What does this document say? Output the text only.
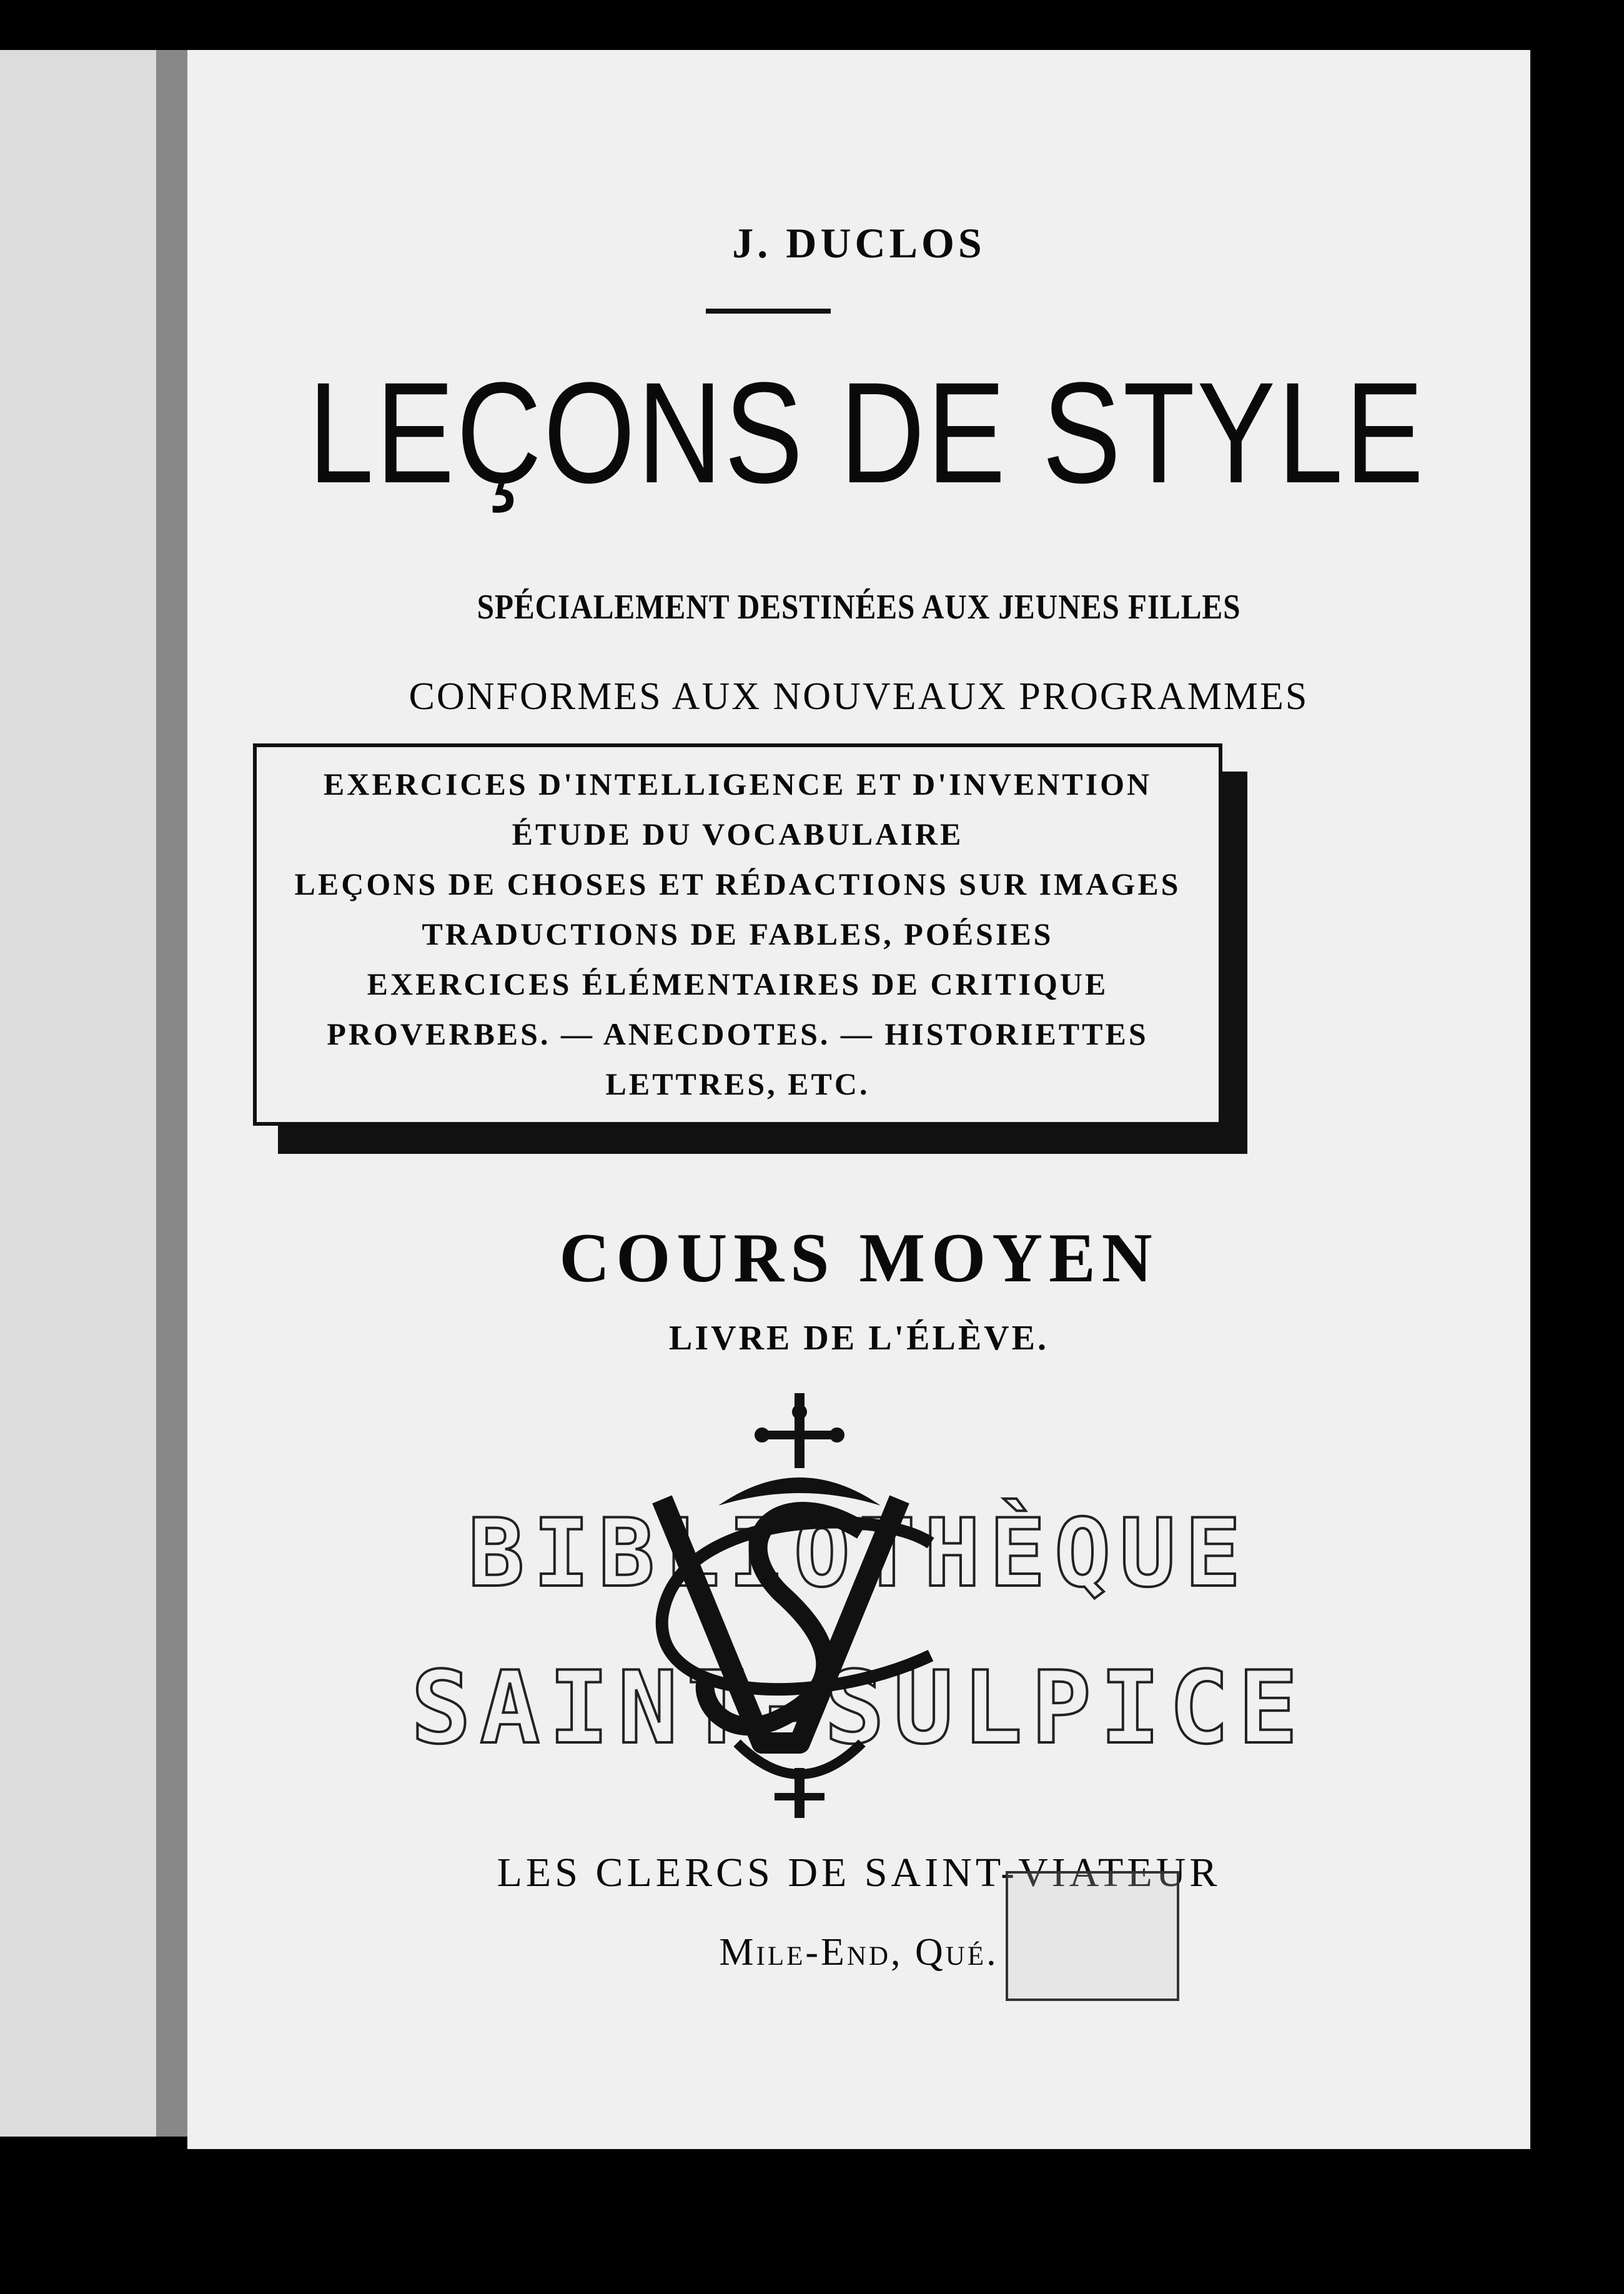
J. DUCLOS
LEÇONS DE STYLE
SPÉCIALEMENT DESTINÉES AUX JEUNES FILLES
CONFORMES AUX NOUVEAUX PROGRAMMES
EXERCICES D'INTELLIGENCE ET D'INVENTION
ÉTUDE DU VOCABULAIRE
LEÇONS DE CHOSES ET RÉDACTIONS SUR IMAGES
TRADUCTIONS DE FABLES, POÉSIES
EXERCICES ÉLÉMENTAIRES DE CRITIQUE
PROVERBES. — ANECDOTES. — HISTORIETTES
LETTRES, ETC.
COURS MOYEN
LIVRE DE L'ÉLÈVE.
BIBLIOTHÈQUE
SAINT-SULPICE
LES CLERCS DE SAINT-VIATEUR
Mile-End, Qué.
